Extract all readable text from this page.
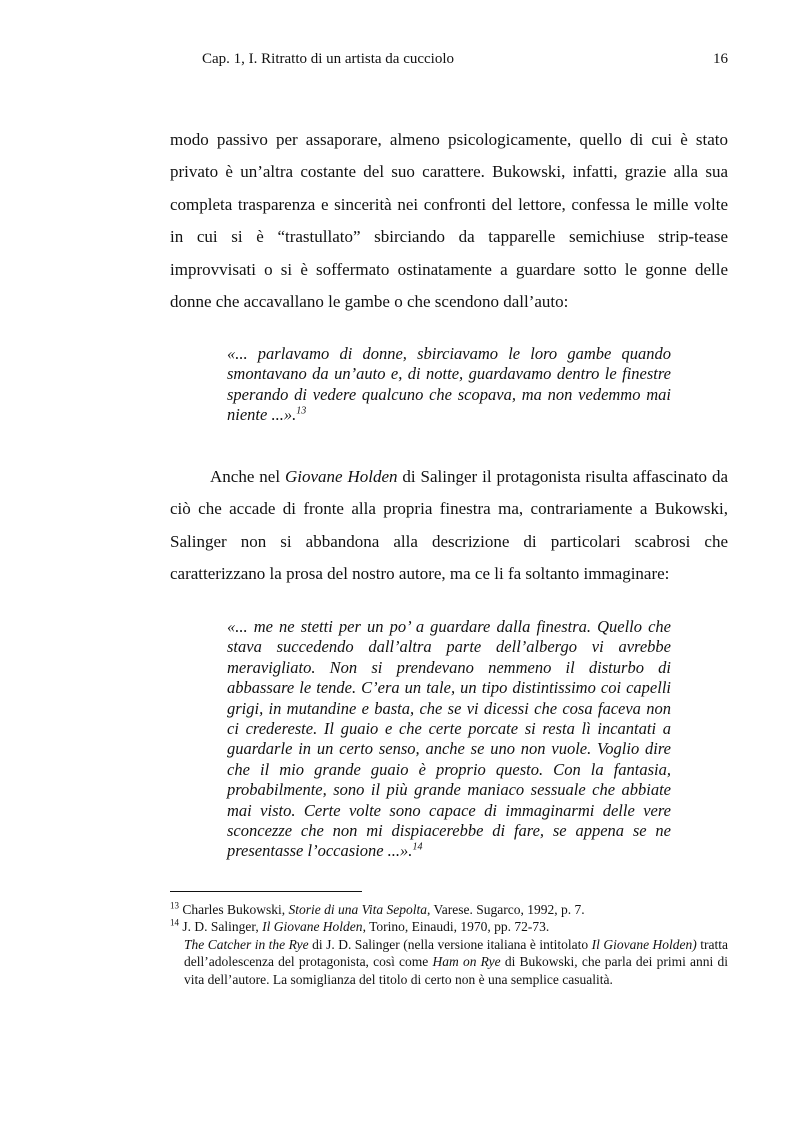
Cap. 1, I. Ritratto di un artista da cucciolo	16

modo passivo per assaporare, almeno psicologicamente, quello di cui è stato privato è un’altra costante del suo carattere. Bukowski, infatti, grazie alla sua completa trasparenza e sincerità nei confronti del lettore, confessa le mille volte in cui si è “trastullato” sbirciando da tapparelle semichiuse strip-tease improvvisati o si è soffermato ostinatamente a guardare sotto le gonne delle donne che accavallano le gambe o che scendono dall’auto:

«... parlavamo di donne, sbirciavamo le loro gambe quando smontavano da un’auto e, di notte, guardavamo dentro le finestre sperando di vedere qualcuno che scopava, ma non vedemmo mai niente ...».$^{13}$

Anche nel Giovane Holden di Salinger il protagonista risulta affascinato da ciò che accade di fronte alla propria finestra ma, contrariamente a Bukowski, Salinger non si abbandona alla descrizione di particolari scabrosi che caratterizzano la prosa del nostro autore, ma ce li fa soltanto immaginare:

«... me ne stetti per un po’ a guardare dalla finestra. Quello che stava succedendo dall’altra parte dell’albergo vi avrebbe meravigliato. Non si prendevano nemmeno il disturbo di abbassare le tende. C’era un tale, un tipo distintissimo coi capelli grigi, in mutandine e basta, che se vi dicessi che cosa faceva non ci credereste. Il guaio e che certe porcate si resta lì incantati a guardarle in un certo senso, anche se uno non vuole. Voglio dire che il mio grande guaio è proprio questo. Con la fantasia, probabilmente, sono il più grande maniaco sessuale che abbiate mai visto. Certe volte sono capace di immaginarmi delle vere sconcezze che non mi dispiacerebbe di fare, se appena se ne presentasse l’occasione ...».$^{14}$

$^{13}$ Charles Bukowski, Storie di una Vita Sepolta, Varese. Sugarco, 1992, p. 7.

$^{14}$ J. D. Salinger, Il Giovane Holden, Torino, Einaudi, 1970, pp. 72-73.

The Catcher in the Rye di J. D. Salinger (nella versione italiana è intitolato Il Giovane Holden) tratta dell’adolescenza del protagonista, così come Ham on Rye di Bukowski, che parla dei primi anni di vita dell’autore. La somiglianza del titolo di certo non è una semplice casualità.
